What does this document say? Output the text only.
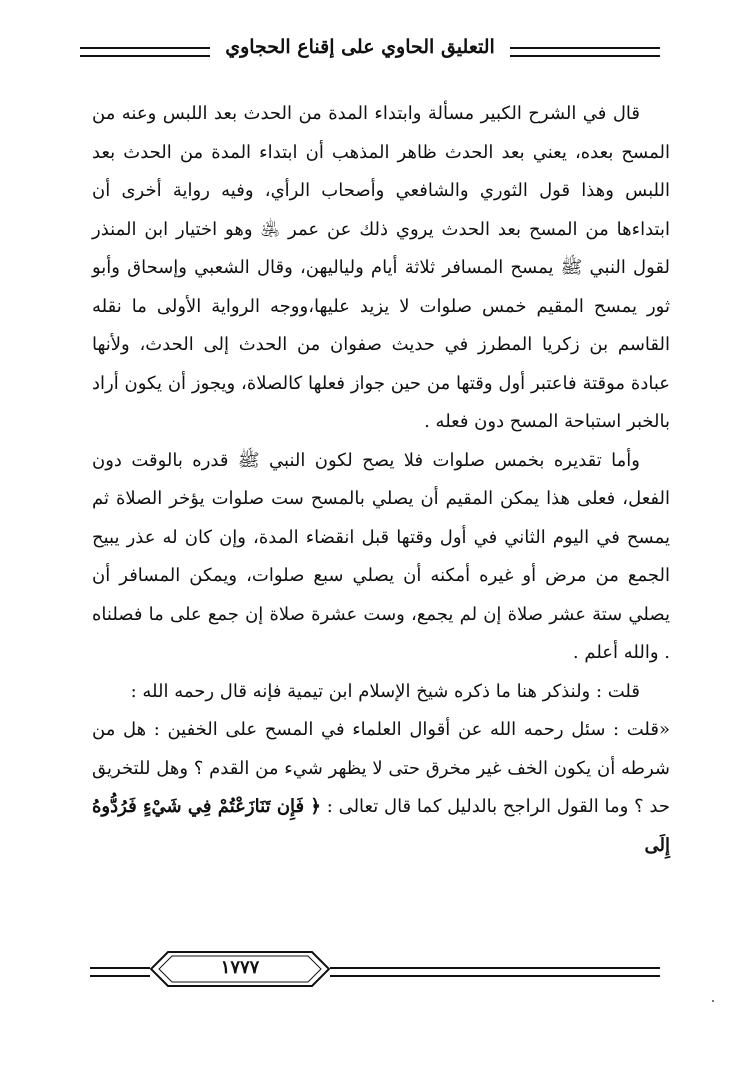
التعليق الحاوي على إقناع الحجاوي

قال في الشرح الكبير مسألة وابتداء المدة من الحدث بعد اللبس وعنه من المسح بعده، يعني بعد الحدث ظاهر المذهب أن ابتداء المدة من الحدث بعد اللبس وهذا قول الثوري والشافعي وأصحاب الرأي، وفيه رواية أخرى أن ابتداءها من المسح بعد الحدث يروي ذلك عن عمر ﵁ وهو اختيار ابن المنذر لقول النبي ﷺ يمسح المسافر ثلاثة أيام ولياليهن، وقال الشعبي وإسحاق وأبو ثور يمسح المقيم خمس صلوات لا يزيد عليها،ووجه الرواية الأولى ما نقله القاسم بن زكريا المطرز في حديث صفوان من الحدث إلى الحدث، ولأنها عبادة موقتة فاعتبر أول وقتها من حين جواز فعلها كالصلاة، ويجوز أن يكون أراد بالخبر استباحة المسح دون فعله .

وأما تقديره بخمس صلوات فلا يصح لكون النبي ﷺ قدره بالوقت دون الفعل، فعلى هذا يمكن المقيم أن يصلي بالمسح ست صلوات يؤخر الصلاة ثم يمسح في اليوم الثاني في أول وقتها قبل انقضاء المدة، وإن كان له عذر يبيح الجمع من مرض أو غيره أمكنه أن يصلي سبع صلوات، ويمكن المسافر أن يصلي ستة عشر صلاة إن لم يجمع، وست عشرة صلاة إن جمع على ما فصلناه . والله أعلم .

قلت : ولنذكر هنا ما ذكره شيخ الإسلام ابن تيمية فإنه قال رحمه الله :

«قلت : سئل رحمه الله عن أقوال العلماء في المسح على الخفين : هل من شرطه أن يكون الخف غير مخرق حتى لا يظهر شيء من القدم ؟ وهل للتخريق حد ؟ وما القول الراجح بالدليل كما قال تعالى : ﴿ فَإِن تَنَازَعْتُمْ فِي شَيْءٍ فَرُدُّوهُ إِلَى

١٧٧٧
